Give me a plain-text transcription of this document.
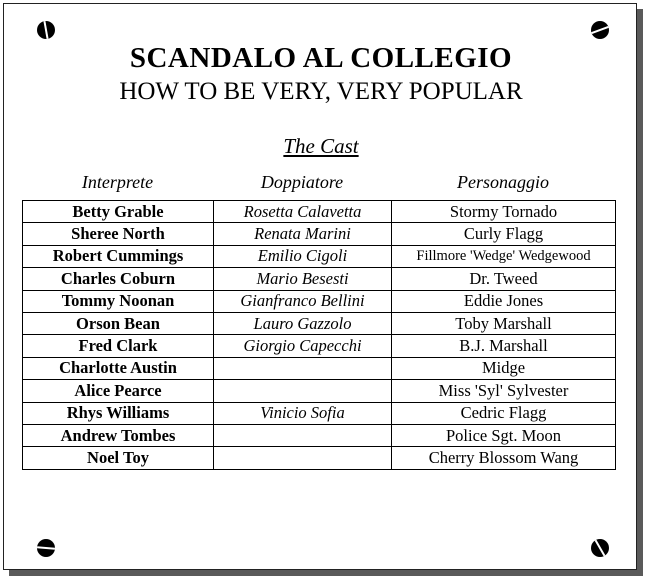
SCANDALO AL COLLEGIO
HOW TO BE VERY, VERY POPULAR
The Cast
Interprete	Doppiatore	Personaggio
Betty Grable	Rosetta Calavetta	Stormy Tornado
Sheree North	Renata Marini	Curly Flagg
Robert Cummings	Emilio Cigoli	Fillmore 'Wedge' Wedgewood
Charles Coburn	Mario Besesti	Dr. Tweed
Tommy Noonan	Gianfranco Bellini	Eddie Jones
Orson Bean	Lauro Gazzolo	Toby Marshall
Fred Clark	Giorgio Capecchi	B.J. Marshall
Charlotte Austin		Midge
Alice Pearce		Miss 'Syl' Sylvester
Rhys Williams	Vinicio Sofia	Cedric Flagg
Andrew Tombes		Police Sgt. Moon
Noel Toy		Cherry Blossom Wang
